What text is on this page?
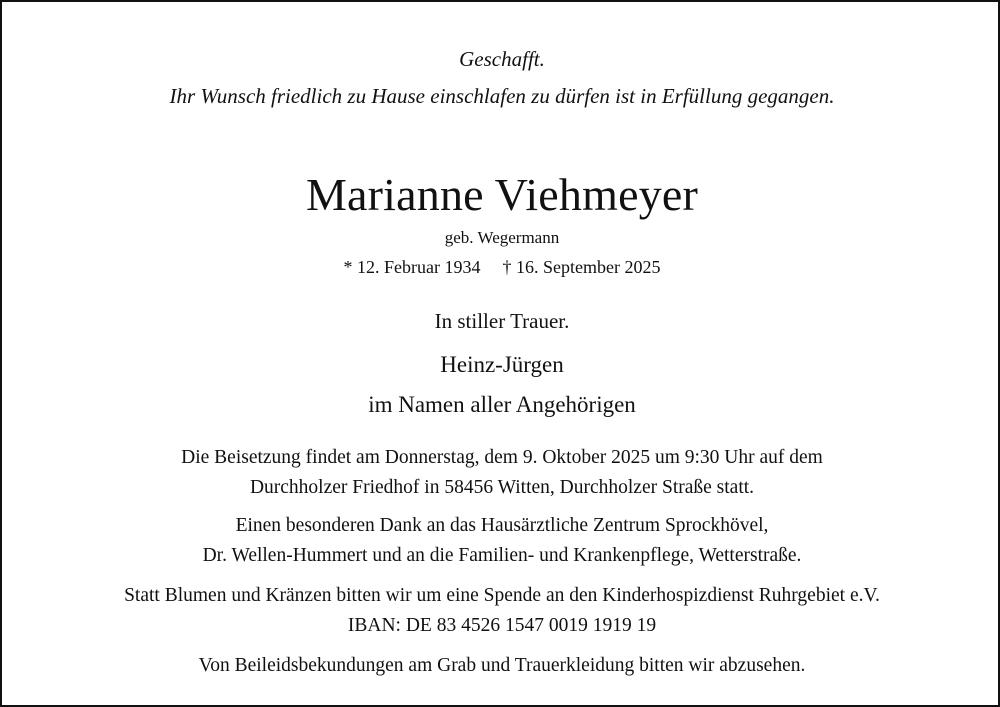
Geschafft.
Ihr Wunsch friedlich zu Hause einschlafen zu dürfen ist in Erfüllung gegangen.
Marianne Viehmeyer
geb. Wegermann
* 12. Februar 1934 † 16. September 2025
In stiller Trauer.
Heinz-Jürgen
im Namen aller Angehörigen
Die Beisetzung findet am Donnerstag, dem 9. Oktober 2025 um 9:30 Uhr auf dem
Durchholzer Friedhof in 58456 Witten, Durchholzer Straße statt.
Einen besonderen Dank an das Hausärztliche Zentrum Sprockhövel,
Dr. Wellen-Hummert und an die Familien- und Krankenpflege, Wetterstraße.
Statt Blumen und Kränzen bitten wir um eine Spende an den Kinderhospizdienst Ruhrgebiet e.V.
IBAN: DE 83 4526 1547 0019 1919 19
Von Beileidsbekundungen am Grab und Trauerkleidung bitten wir abzusehen.
